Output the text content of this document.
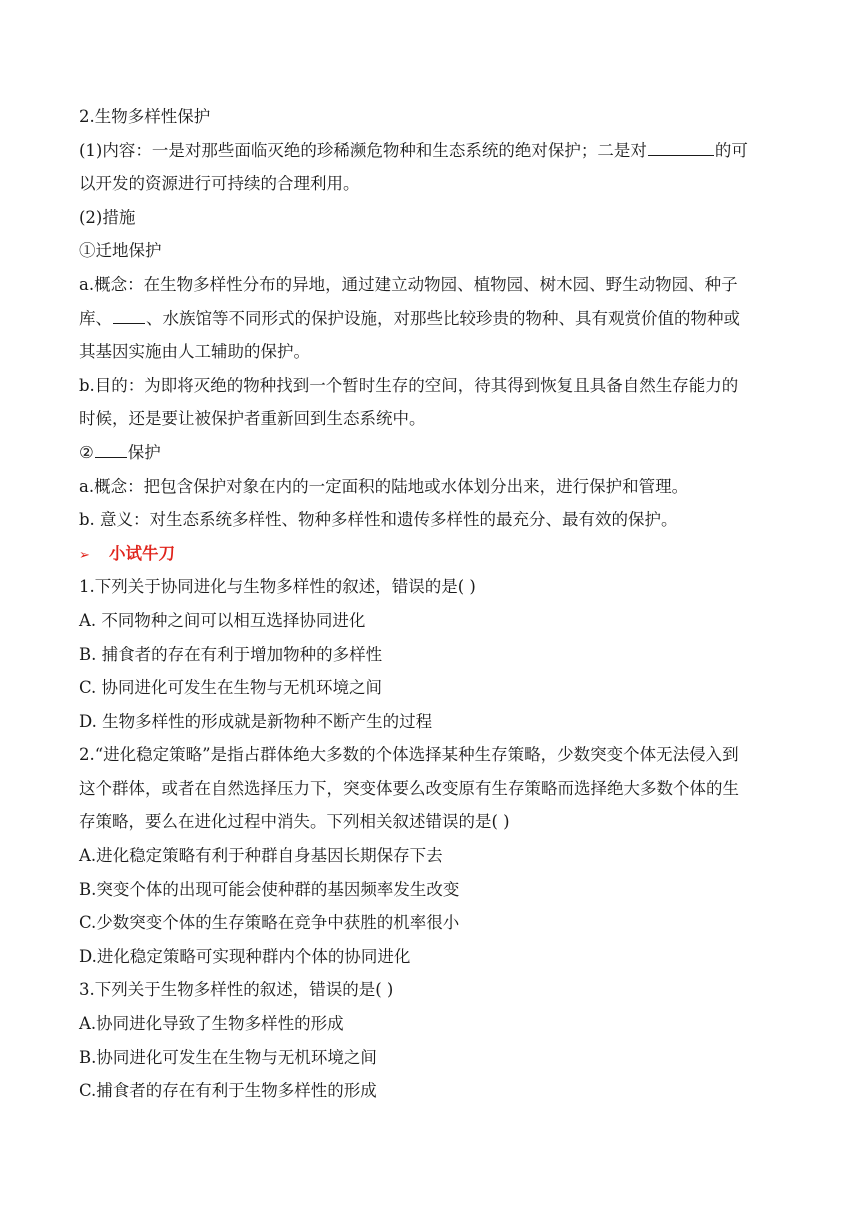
2.生物多样性保护
(1)内容：一是对那些面临灭绝的珍稀濒危物种和生态系统的绝对保护；二是对	的可
以开发的资源进行可持续的合理利用。
(2)措施
①迁地保护
a.概念：在生物多样性分布的异地，通过建立动物园、植物园、树木园、野生动物园、种子
库、 、水族馆等不同形式的保护设施，对那些比较珍贵的物种、具有观赏价值的物种或
其基因实施由人工辅助的保护。
b.目的：为即将灭绝的物种找到一个暂时生存的空间，待其得到恢复且具备自然生存能力的
时候，还是要让被保护者重新回到生态系统中。
② 保护
a.概念：把包含保护对象在内的一定面积的陆地或水体划分出来，进行保护和管理。
b. 意义：对生态系统多样性、物种多样性和遗传多样性的最充分、最有效的保护。
➢ 小试牛刀
1.下列关于协同进化与生物多样性的叙述，错误的是( )
A. 不同物种之间可以相互选择协同进化
B. 捕食者的存在有利于增加物种的多样性
C. 协同进化可发生在生物与无机环境之间
D. 生物多样性的形成就是新物种不断产生的过程
2.“进化稳定策略”是指占群体绝大多数的个体选择某种生存策略，少数突变个体无法侵入到
这个群体，或者在自然选择压力下，突变体要么改变原有生存策略而选择绝大多数个体的生
存策略，要么在进化过程中消失。下列相关叙述错误的是( )
A.进化稳定策略有利于种群自身基因长期保存下去
B.突变个体的出现可能会使种群的基因频率发生改变
C.少数突变个体的生存策略在竞争中获胜的机率很小
D.进化稳定策略可实现种群内个体的协同进化
3.下列关于生物多样性的叙述，错误的是( )
A.协同进化导致了生物多样性的形成
B.协同进化可发生在生物与无机环境之间
C.捕食者的存在有利于生物多样性的形成
